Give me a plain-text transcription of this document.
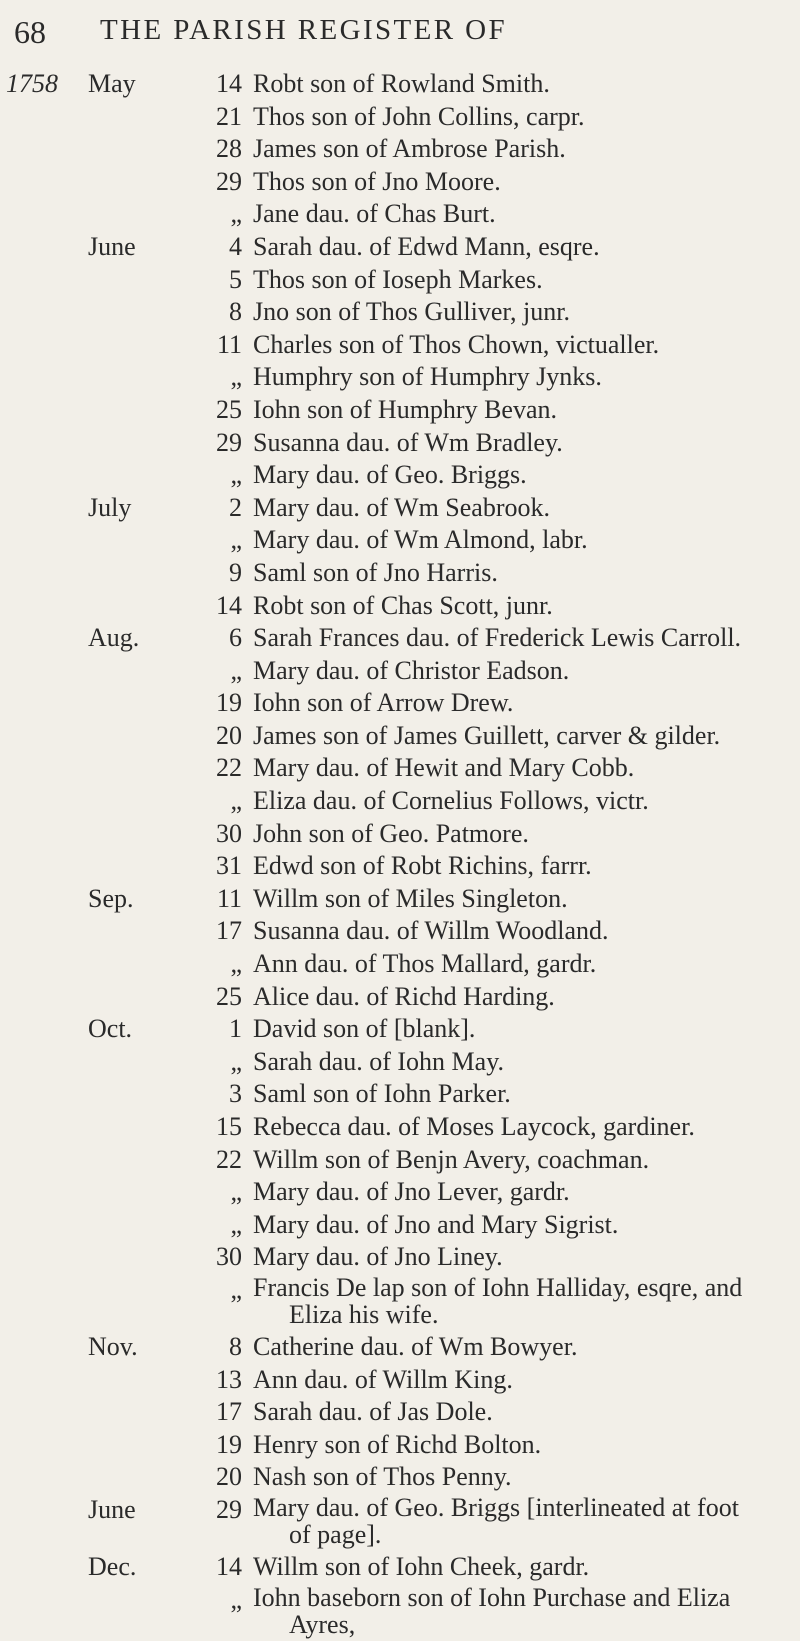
68 THE PARISH REGISTER OF
1758 May	14 Robt son of Rowland Smith.
21 Thos son of John Collins, carpr.
28 James son of Ambrose Parish.
29 Thos son of Jno Moore.
„ Jane dau. of Chas Burt.
June	4 Sarah dau. of Edwd Mann, esqre.
5 Thos son of Ioseph Markes.
8 Jno son of Thos Gulliver, junr.
11 Charles son of Thos Chown, victualler.
„ Humphry son of Humphry Jynks.
25 Iohn son of Humphry Bevan.
29 Susanna dau. of Wm Bradley.
„ Mary dau. of Geo. Briggs.
July	2 Mary dau. of Wm Seabrook.
„ Mary dau. of Wm Almond, labr.
9 Saml son of Jno Harris.
14 Robt son of Chas Scott, junr.
Aug.	6 Sarah Frances dau. of Frederick Lewis Carroll.
„ Mary dau. of Christor Eadson.
19 Iohn son of Arrow Drew.
20 James son of James Guillett, carver & gilder.
22 Mary dau. of Hewit and Mary Cobb.
„ Eliza dau. of Cornelius Follows, victr.
30 John son of Geo. Patmore.
31 Edwd son of Robt Richins, farrr.
Sep.	11 Willm son of Miles Singleton.
17 Susanna dau. of Willm Woodland.
„ Ann dau. of Thos Mallard, gardr.
25 Alice dau. of Richd Harding.
Oct.	1 David son of [blank].
„ Sarah dau. of Iohn May.
3 Saml son of Iohn Parker.
15 Rebecca dau. of Moses Laycock, gardiner.
22 Willm son of Benjn Avery, coachman.
„ Mary dau. of Jno Lever, gardr.
„ Mary dau. of Jno and Mary Sigrist.
30 Mary dau. of Jno Liney.
„ Francis De lap son of Iohn Halliday, esqre, and
Eliza his wife.
Nov.	8 Catherine dau. of Wm Bowyer.
13 Ann dau. of Willm King.
17 Sarah dau. of Jas Dole.
19 Henry son of Richd Bolton.
20 Nash son of Thos Penny.
June	29 Mary dau. of Geo. Briggs [interlineated at foot
of page].
Dec.	14 Willm son of Iohn Cheek, gardr.
„ Iohn baseborn son of Iohn Purchase and Eliza
Ayres,
